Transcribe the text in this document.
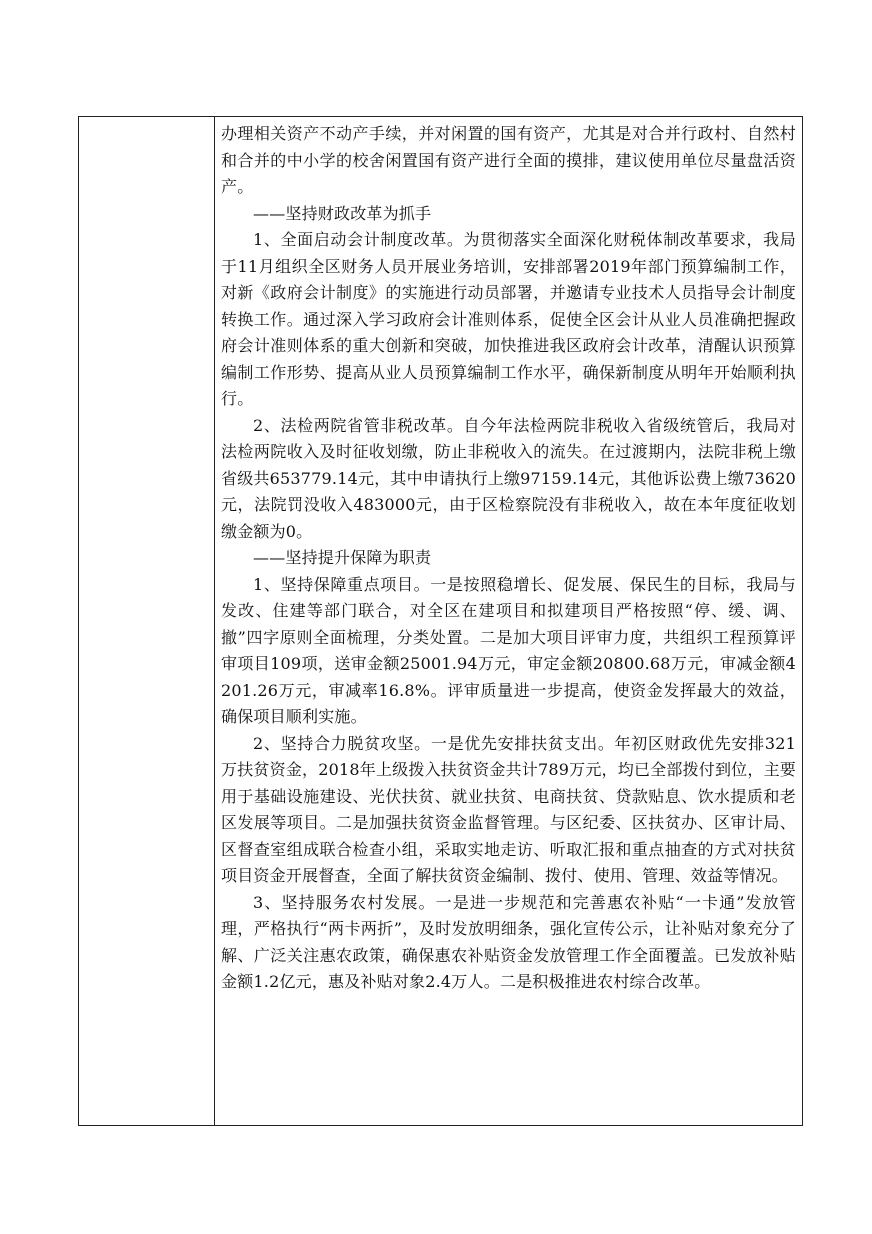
办理相关资产不动产手续，并对闲置的国有资产，尤其是对合并行政村、自然村和合并的中小学的校舍闲置国有资产进行全面的摸排，建议使用单位尽量盘活资产。

——坚持财政改革为抓手

1、全面启动会计制度改革。为贯彻落实全面深化财税体制改革要求，我局于11月组织全区财务人员开展业务培训，安排部署2019年部门预算编制工作，对新《政府会计制度》的实施进行动员部署，并邀请专业技术人员指导会计制度转换工作。通过深入学习政府会计准则体系，促使全区会计从业人员准确把握政府会计准则体系的重大创新和突破，加快推进我区政府会计改革，清醒认识预算编制工作形势、提高从业人员预算编制工作水平，确保新制度从明年开始顺利执行。

2、法检两院省管非税改革。自今年法检两院非税收入省级统管后，我局对法检两院收入及时征收划缴，防止非税收入的流失。在过渡期内，法院非税上缴省级共653779.14元，其中申请执行上缴97159.14元，其他诉讼费上缴73620元，法院罚没收入483000元，由于区检察院没有非税收入，故在本年度征收划缴金额为0。

——坚持提升保障为职责

1、坚持保障重点项目。一是按照稳增长、促发展、保民生的目标，我局与发改、住建等部门联合，对全区在建项目和拟建项目严格按照“停、缓、调、撤”四字原则全面梳理，分类处置。二是加大项目评审力度，共组织工程预算评审项目109项，送审金额25001.94万元，审定金额20800.68万元，审减金额4201.26万元，审减率16.8%。评审质量进一步提高，使资金发挥最大的效益，确保项目顺利实施。

2、坚持合力脱贫攻坚。一是优先安排扶贫支出。年初区财政优先安排321万扶贫资金，2018年上级拨入扶贫资金共计789万元，均已全部拨付到位，主要用于基础设施建设、光伏扶贫、就业扶贫、电商扶贫、贷款贴息、饮水提质和老区发展等项目。二是加强扶贫资金监督管理。与区纪委、区扶贫办、区审计局、区督查室组成联合检查小组，采取实地走访、听取汇报和重点抽查的方式对扶贫项目资金开展督查，全面了解扶贫资金编制、拨付、使用、管理、效益等情况。

3、坚持服务农村发展。一是进一步规范和完善惠农补贴“一卡通”发放管理，严格执行“两卡两折”，及时发放明细条，强化宣传公示，让补贴对象充分了解、广泛关注惠农政策，确保惠农补贴资金发放管理工作全面覆盖。已发放补贴金额1.2亿元，惠及补贴对象2.4万人。二是积极推进农村综合改革。
